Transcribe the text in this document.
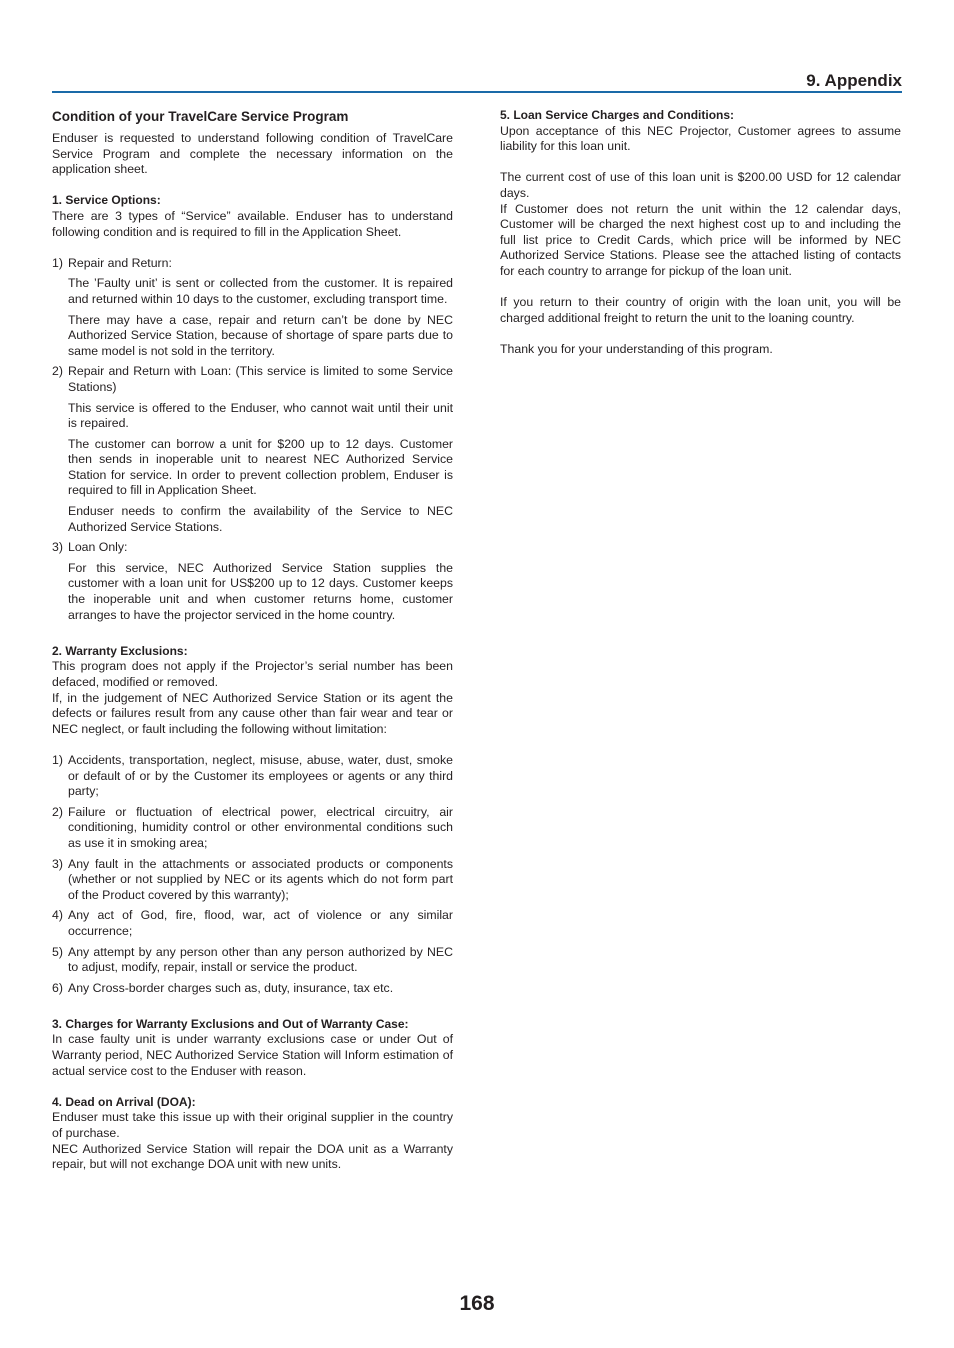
9. Appendix
Condition of your TravelCare Service Program

Enduser is requested to understand following condition of TravelCare Service Program and complete the necessary information on the application sheet.

1. Service Options:

There are 3 types of “Service” available. Enduser has to understand following condition and is required to fill in the Application Sheet.

1) Repair and Return:

The ’Faulty unit’ is sent or collected from the customer. It is repaired and returned within 10 days to the customer, excluding transport time.

There may have a case, repair and return can’t be done by NEC Authorized Service Station, because of shortage of spare parts due to same model is not sold in the territory.

2) Repair and Return with Loan: (This service is limited to some Service Stations)

This service is offered to the Enduser, who cannot wait until their unit is repaired.

The customer can borrow a unit for $200 up to 12 days. Customer then sends in inoperable unit to nearest NEC Authorized Service Station for service. In order to prevent collection problem, Enduser is required to fill in Application Sheet.

Enduser needs to confirm the availability of the Service to NEC Authorized Service Stations.

3) Loan Only:

For this service, NEC Authorized Service Station supplies the customer with a loan unit for US$200 up to 12 days. Customer keeps the inoperable unit and when customer returns home, customer arranges to have the projector serviced in the home country.

2. Warranty Exclusions:

This program does not apply if the Projector’s serial number has been defaced, modified or removed.

If, in the judgement of NEC Authorized Service Station or its agent the defects or failures result from any cause other than fair wear and tear or NEC neglect, or fault including the following without limitation:

1) Accidents, transportation, neglect, misuse, abuse, water, dust, smoke or default of or by the Customer its employees or agents or any third party;
2) Failure or fluctuation of electrical power, electrical circuitry, air conditioning, humidity control or other environmental conditions such as use it in smoking area;
3) Any fault in the attachments or associated products or components (whether or not supplied by NEC or its agents which do not form part of the Product covered by this warranty);
4) Any act of God, fire, flood, war, act of violence or any similar occurrence;
5) Any attempt by any person other than any person authorized by NEC to adjust, modify, repair, install or service the product.
6) Any Cross-border charges such as, duty, insurance, tax etc.

3. Charges for Warranty Exclusions and Out of Warranty Case:

In case faulty unit is under warranty exclusions case or under Out of Warranty period, NEC Authorized Service Station will Inform estimation of actual service cost to the Enduser with reason.

4. Dead on Arrival (DOA):

Enduser must take this issue up with their original supplier in the country of purchase.

NEC Authorized Service Station will repair the DOA unit as a Warranty repair, but will not exchange DOA unit with new units.

5. Loan Service Charges and Conditions:

Upon acceptance of this NEC Projector, Customer agrees to assume liability for this loan unit.

The current cost of use of this loan unit is $200.00 USD for 12 calendar days.

If Customer does not return the unit within the 12 calendar days, Customer will be charged the next highest cost up to and including the full list price to Credit Cards, which price will be informed by NEC Authorized Service Stations. Please see the attached listing of contacts for each country to arrange for pickup of the loan unit.

If you return to their country of origin with the loan unit, you will be charged additional freight to return the unit to the loaning country.

Thank you for your understanding of this program.

168
